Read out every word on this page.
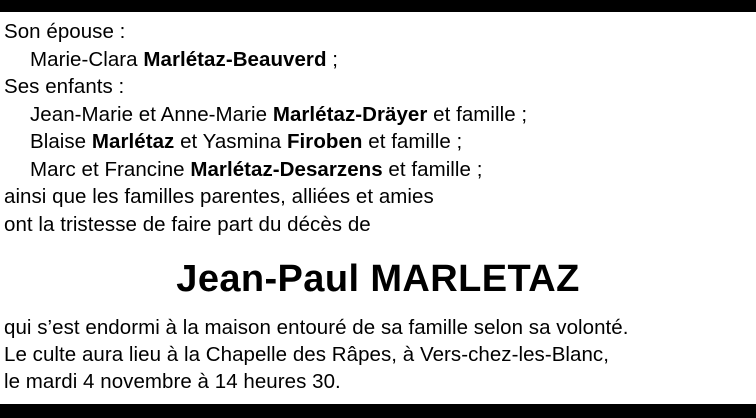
Son épouse :
Marie-Clara Marlétaz-Beauverd ;
Ses enfants :
Jean-Marie et Anne-Marie Marlétaz-Dräyer et famille ;
Blaise Marlétaz et Yasmina Firoben et famille ;
Marc et Francine Marlétaz-Desarzens et famille ;
ainsi que les familles parentes, alliées et amies
ont la tristesse de faire part du décès de
Jean-Paul MARLETAZ
qui s’est endormi à la maison entouré de sa famille selon sa volonté.
Le culte aura lieu à la Chapelle des Râpes, à Vers-chez-les-Blanc,
le mardi 4 novembre à 14 heures 30.
